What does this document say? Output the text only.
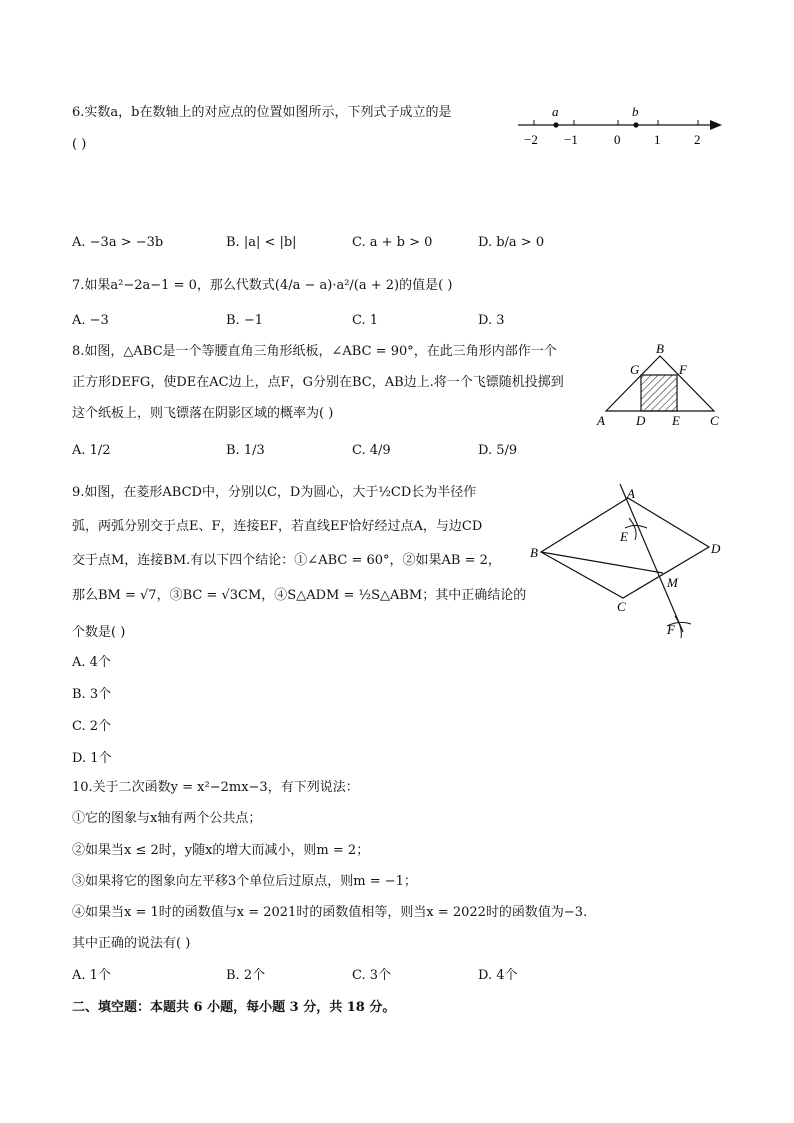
6.实数a，b在数轴上的对应点的位置如图所示，下列式子成立的是
( )
a	b
−2 −1	0	1	2
A. −3a > −3b	B. |a| < |b|	C. a + b > 0	D. b/a > 0
7.如果a²−2a−1 = 0，那么代数式(4/a − a)·a²/(a + 2)的值是( )
A. −3	B. −1	C. 1	D. 3
8.如图，△ABC是一个等腰直角三角形纸板，∠ABC = 90°，在此三角形内部作一个
正方形DEFG，使DE在AC边上，点F，G分别在BC，AB边上.将一个飞镖随机投掷到
这个纸板上，则飞镖落在阴影区域的概率为( )
B
G	F
A D E C
A. 1/2	B. 1/3	C. 4/9	D. 5/9
9.如图，在菱形ABCD中，分别以C，D为圆心，大于½CD长为半径作
弧，两弧分别交于点E、F，连接EF，若直线EF恰好经过点A，与边CD
交于点M，连接BM.有以下四个结论：①∠ABC = 60°，②如果AB = 2，
那么BM = √7，③BC = √3CM，④S△ADM = ½S△ABM；其中正确结论的
个数是( )
A
B
C
D
E
M
F
A. 4个
B. 3个
C. 2个
D. 1个
10.关于二次函数y = x²−2mx−3，有下列说法：
①它的图象与x轴有两个公共点；
②如果当x ≤ 2时，y随x的增大而减小，则m = 2；
③如果将它的图象向左平移3个单位后过原点，则m = −1；
④如果当x = 1时的函数值与x = 2021时的函数值相等，则当x = 2022时的函数值为−3.
其中正确的说法有( )
A. 1个	B. 2个	C. 3个	D. 4个
二、填空题：本题共 6 小题，每小题 3 分，共 18 分。
